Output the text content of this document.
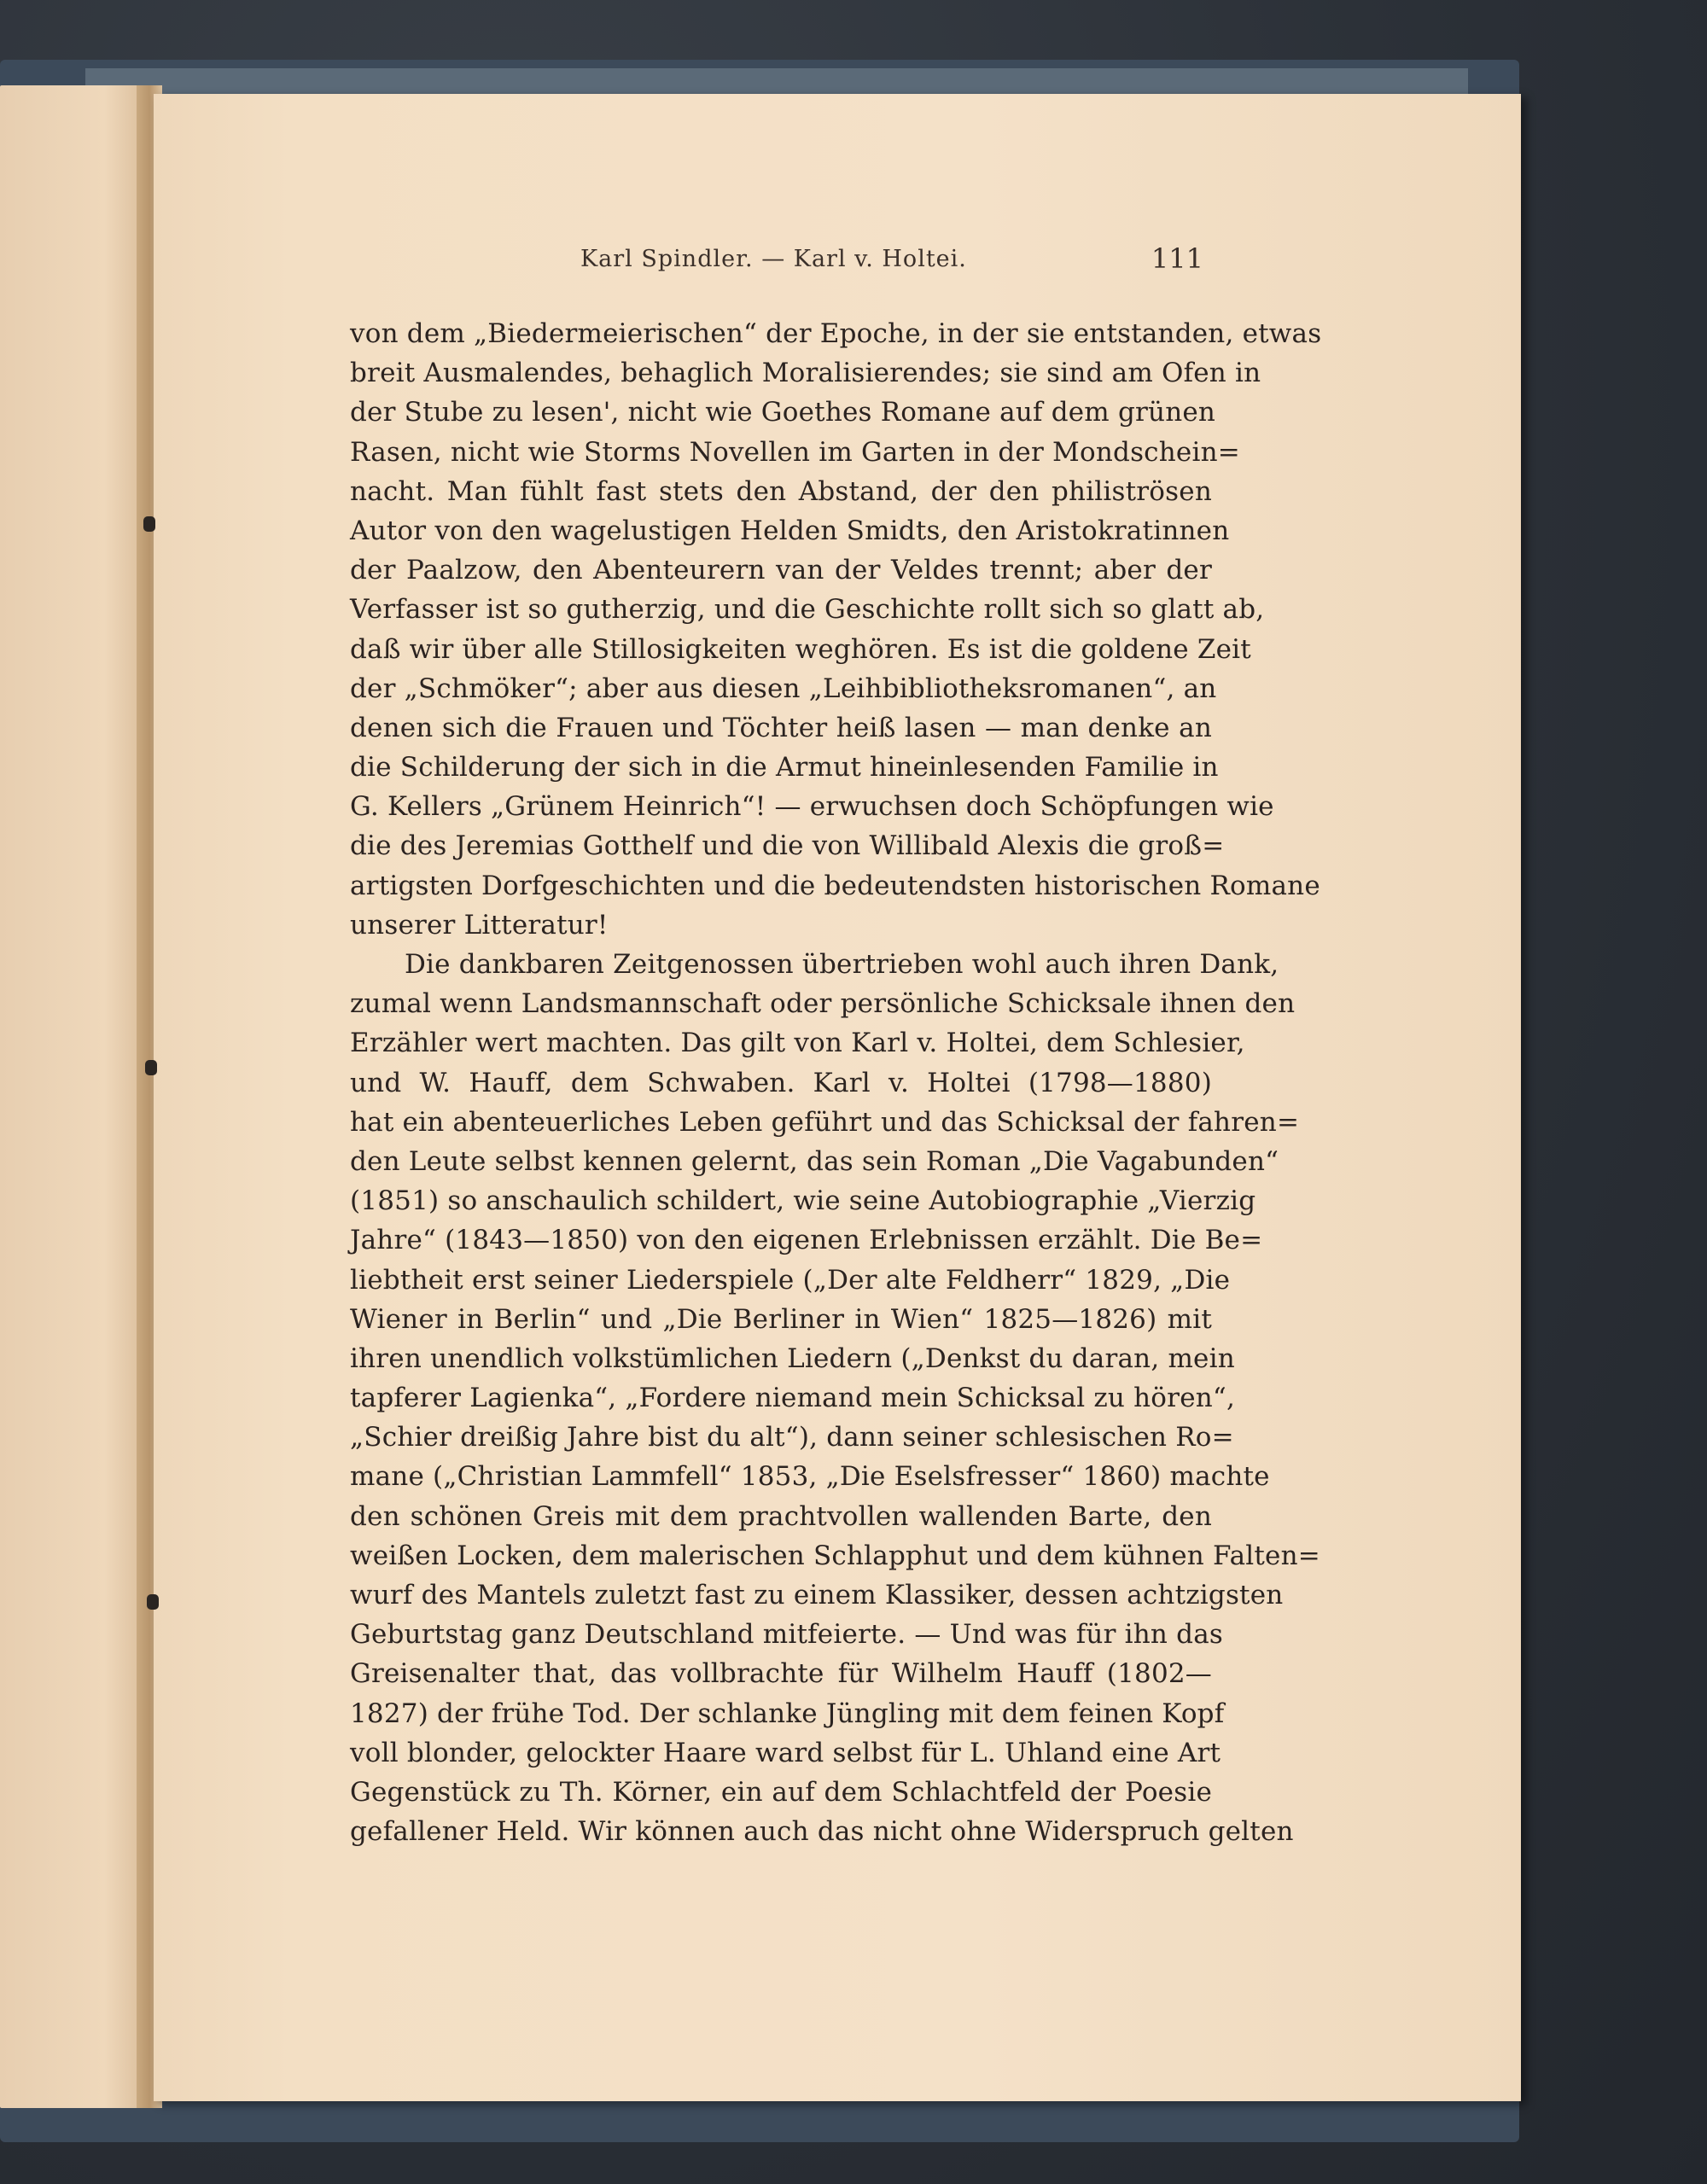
Karl Spindler. — Karl v. Holtei.	111
von dem „Biedermeierischen“ der Epoche, in der sie entstanden, etwas
breit Ausmalendes, behaglich Moralisierendes; sie sind am Ofen in
der Stube zu lesen', nicht wie Goethes Romane auf dem grünen
Rasen, nicht wie Storms Novellen im Garten in der Mondschein=
nacht. Man fühlt fast stets den Abstand, der den philiströsen
Autor von den wagelustigen Helden Smidts, den Aristokratinnen
der Paalzow, den Abenteurern van der Veldes trennt; aber der
Verfasser ist so gutherzig, und die Geschichte rollt sich so glatt ab,
daß wir über alle Stillosigkeiten weghören. Es ist die goldene Zeit
der „Schmöker“; aber aus diesen „Leihbibliotheksromanen“, an
denen sich die Frauen und Töchter heiß lasen — man denke an
die Schilderung der sich in die Armut hineinlesenden Familie in
G. Kellers „Grünem Heinrich“! — erwuchsen doch Schöpfungen wie
die des Jeremias Gotthelf und die von Willibald Alexis die groß=
artigsten Dorfgeschichten und die bedeutendsten historischen Romane
unserer Litteratur!
Die dankbaren Zeitgenossen übertrieben wohl auch ihren Dank,
zumal wenn Landsmannschaft oder persönliche Schicksale ihnen den
Erzähler wert machten. Das gilt von Karl v. Holtei, dem Schlesier,
und W. Hauff, dem Schwaben. Karl v. Holtei (1798—1880)
hat ein abenteuerliches Leben geführt und das Schicksal der fahren=
den Leute selbst kennen gelernt, das sein Roman „Die Vagabunden“
(1851) so anschaulich schildert, wie seine Autobiographie „Vierzig
Jahre“ (1843—1850) von den eigenen Erlebnissen erzählt. Die Be=
liebtheit erst seiner Liederspiele („Der alte Feldherr“ 1829, „Die
Wiener in Berlin“ und „Die Berliner in Wien“ 1825—1826) mit
ihren unendlich volkstümlichen Liedern („Denkst du daran, mein
tapferer Lagienka“, „Fordere niemand mein Schicksal zu hören“,
„Schier dreißig Jahre bist du alt“), dann seiner schlesischen Ro=
mane („Christian Lammfell“ 1853, „Die Eselsfresser“ 1860) machte
den schönen Greis mit dem prachtvollen wallenden Barte, den
weißen Locken, dem malerischen Schlapphut und dem kühnen Falten=
wurf des Mantels zuletzt fast zu einem Klassiker, dessen achtzigsten
Geburtstag ganz Deutschland mitfeierte. — Und was für ihn das
Greisenalter that, das vollbrachte für Wilhelm Hauff (1802—
1827) der frühe Tod. Der schlanke Jüngling mit dem feinen Kopf
voll blonder, gelockter Haare ward selbst für L. Uhland eine Art
Gegenstück zu Th. Körner, ein auf dem Schlachtfeld der Poesie
gefallener Held. Wir können auch das nicht ohne Widerspruch gelten
